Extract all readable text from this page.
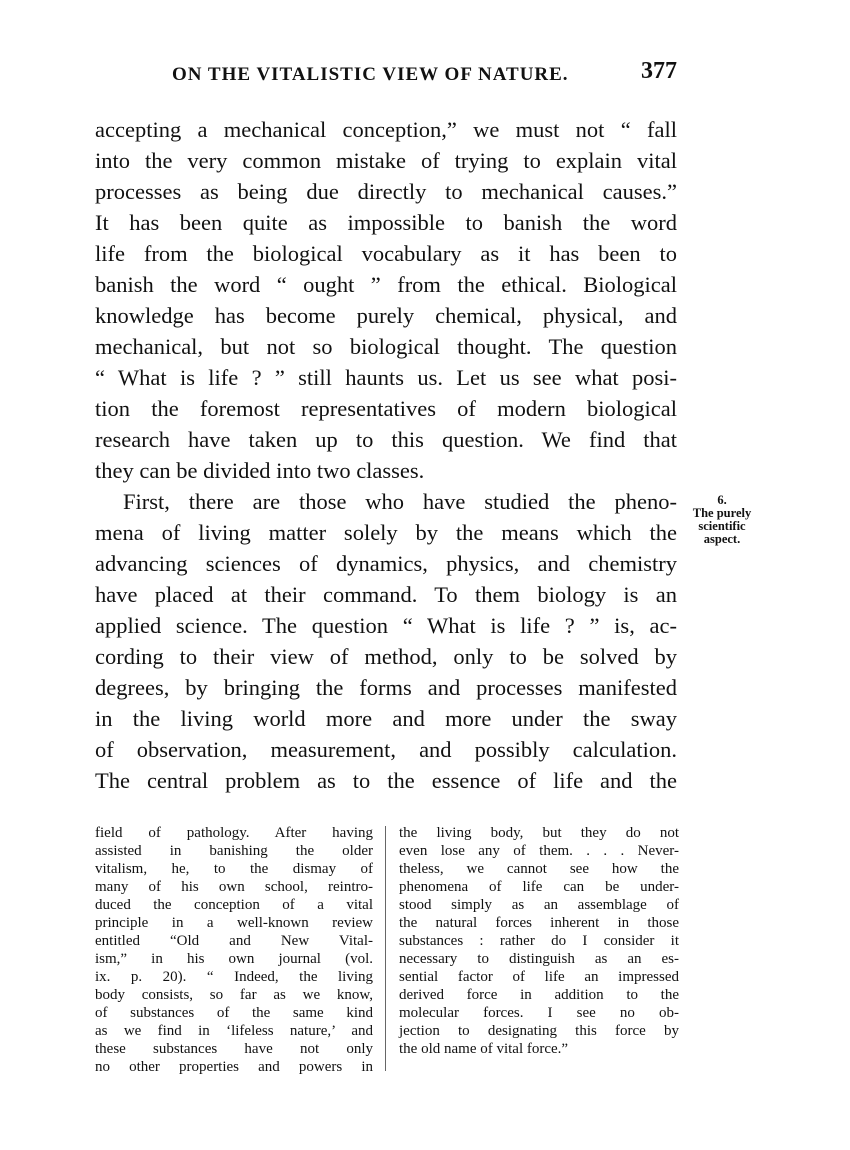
ON THE VITALISTIC VIEW OF NATURE.	377
accepting a mechanical conception,” we must not “ fall
into the very common mistake of trying to explain vital
processes as being due directly to mechanical causes.”
It has been quite as impossible to banish the word
life from the biological vocabulary as it has been to
banish the word “ ought ” from the ethical. Biological
knowledge has become purely chemical, physical, and
mechanical, but not so biological thought. The question
“ What is life ? ” still haunts us. Let us see what posi-
tion the foremost representatives of modern biological
research have taken up to this question. We find that
they can be divided into two classes.
First, there are those who have studied the pheno-
mena of living matter solely by the means which the
advancing sciences of dynamics, physics, and chemistry
have placed at their command. To them biology is an
applied science. The question “ What is life ? ” is, ac-
cording to their view of method, only to be solved by
degrees, by bringing the forms and processes manifested
in the living world more and more under the sway
of observation, measurement, and possibly calculation.
The central problem as to the essence of life and the
6.
The purely
scientific
aspect.
field of pathology. After having
assisted in banishing the older
vitalism, he, to the dismay of
many of his own school, reintro-
duced the conception of a vital
principle in a well-known review
entitled “Old and New Vital-
ism,” in his own journal (vol.
ix. p. 20). “ Indeed, the living
body consists, so far as we know,
of substances of the same kind
as we find in ‘lifeless nature,’ and
these substances have not only
no other properties and powers in
the living body, but they do not
even lose any of them. . . . Never-
theless, we cannot see how the
phenomena of life can be under-
stood simply as an assemblage of
the natural forces inherent in those
substances : rather do I consider it
necessary to distinguish as an es-
sential factor of life an impressed
derived force in addition to the
molecular forces. I see no ob-
jection to designating this force by
the old name of vital force.”
